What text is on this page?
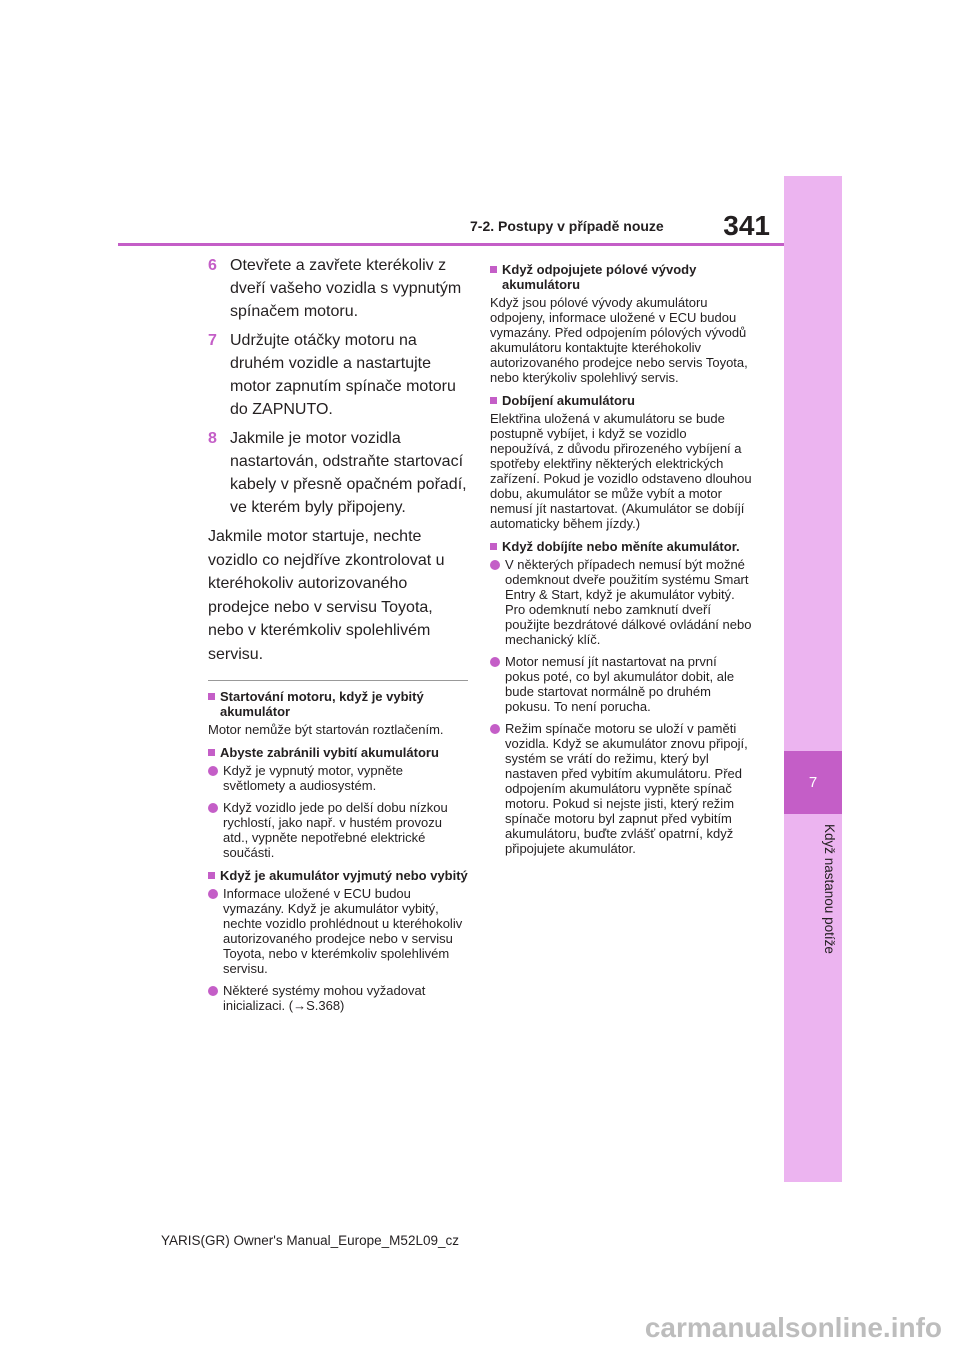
7
Když nastanou potíže
7-2. Postupy v případě nouze	341
6 Otevřete a zavřete kterékoliv z dveří vašeho vozidla s vypnutým spínačem motoru.
7 Udržujte otáčky motoru na druhém vozidle a nastartujte motor zapnutím spínače motoru do ZAPNUTO.
8 Jakmile je motor vozidla nastartován, odstraňte startovací kabely v přesně opačném pořadí, ve kterém byly připojeny.
Jakmile motor startuje, nechte vozidlo co nejdříve zkontrolovat u kteréhokoliv autorizovaného prodejce nebo v servisu Toyota, nebo v kterémkoliv spolehlivém servisu.
Startování motoru, když je vybitý akumulátor
Motor nemůže být startován roztlačením.
Abyste zabránili vybití akumulátoru
Když je vypnutý motor, vypněte světlomety a audiosystém.
Když vozidlo jede po delší dobu nízkou rychlostí, jako např. v hustém provozu atd., vypněte nepotřebné elektrické součásti.
Když je akumulátor vyjmutý nebo vybitý
Informace uložené v ECU budou vymazány. Když je akumulátor vybitý, nechte vozidlo prohlédnout u kteréhokoliv autorizovaného prodejce nebo v servisu Toyota, nebo v kterémkoliv spolehlivém servisu.
Některé systémy mohou vyžadovat inicializaci. (→S.368)
Když odpojujete pólové vývody akumulátoru
Když jsou pólové vývody akumulátoru odpojeny, informace uložené v ECU budou vymazány. Před odpojením pólových vývodů akumulátoru kontaktujte kteréhokoliv autorizovaného prodejce nebo servis Toyota, nebo kterýkoliv spolehlivý servis.
Dobíjení akumulátoru
Elektřina uložená v akumulátoru se bude postupně vybíjet, i když se vozidlo nepoužívá, z důvodu přirozeného vybíjení a spotřeby elektřiny některých elektrických zařízení. Pokud je vozidlo odstaveno dlouhou dobu, akumulátor se může vybít a motor nemusí jít nastartovat. (Akumulátor se dobíjí automaticky během jízdy.)
Když dobíjíte nebo měníte akumulátor.
V některých případech nemusí být možné odemknout dveře použitím systému Smart Entry & Start, když je akumulátor vybitý. Pro odemknutí nebo zamknutí dveří použijte bezdrátové dálkové ovládání nebo mechanický klíč.
Motor nemusí jít nastartovat na první pokus poté, co byl akumulátor dobit, ale bude startovat normálně po druhém pokusu. To není porucha.
Režim spínače motoru se uloží v paměti vozidla. Když se akumulátor znovu připojí, systém se vrátí do režimu, který byl nastaven před vybitím akumulátoru. Před odpojením akumulátoru vypněte spínač motoru. Pokud si nejste jisti, který režim spínače motoru byl zapnut před vybitím akumulátoru, buďte zvlášť opatrní, když připojujete akumulátor.
YARIS(GR) Owner's Manual_Europe_M52L09_cz
carmanualsonline.info
